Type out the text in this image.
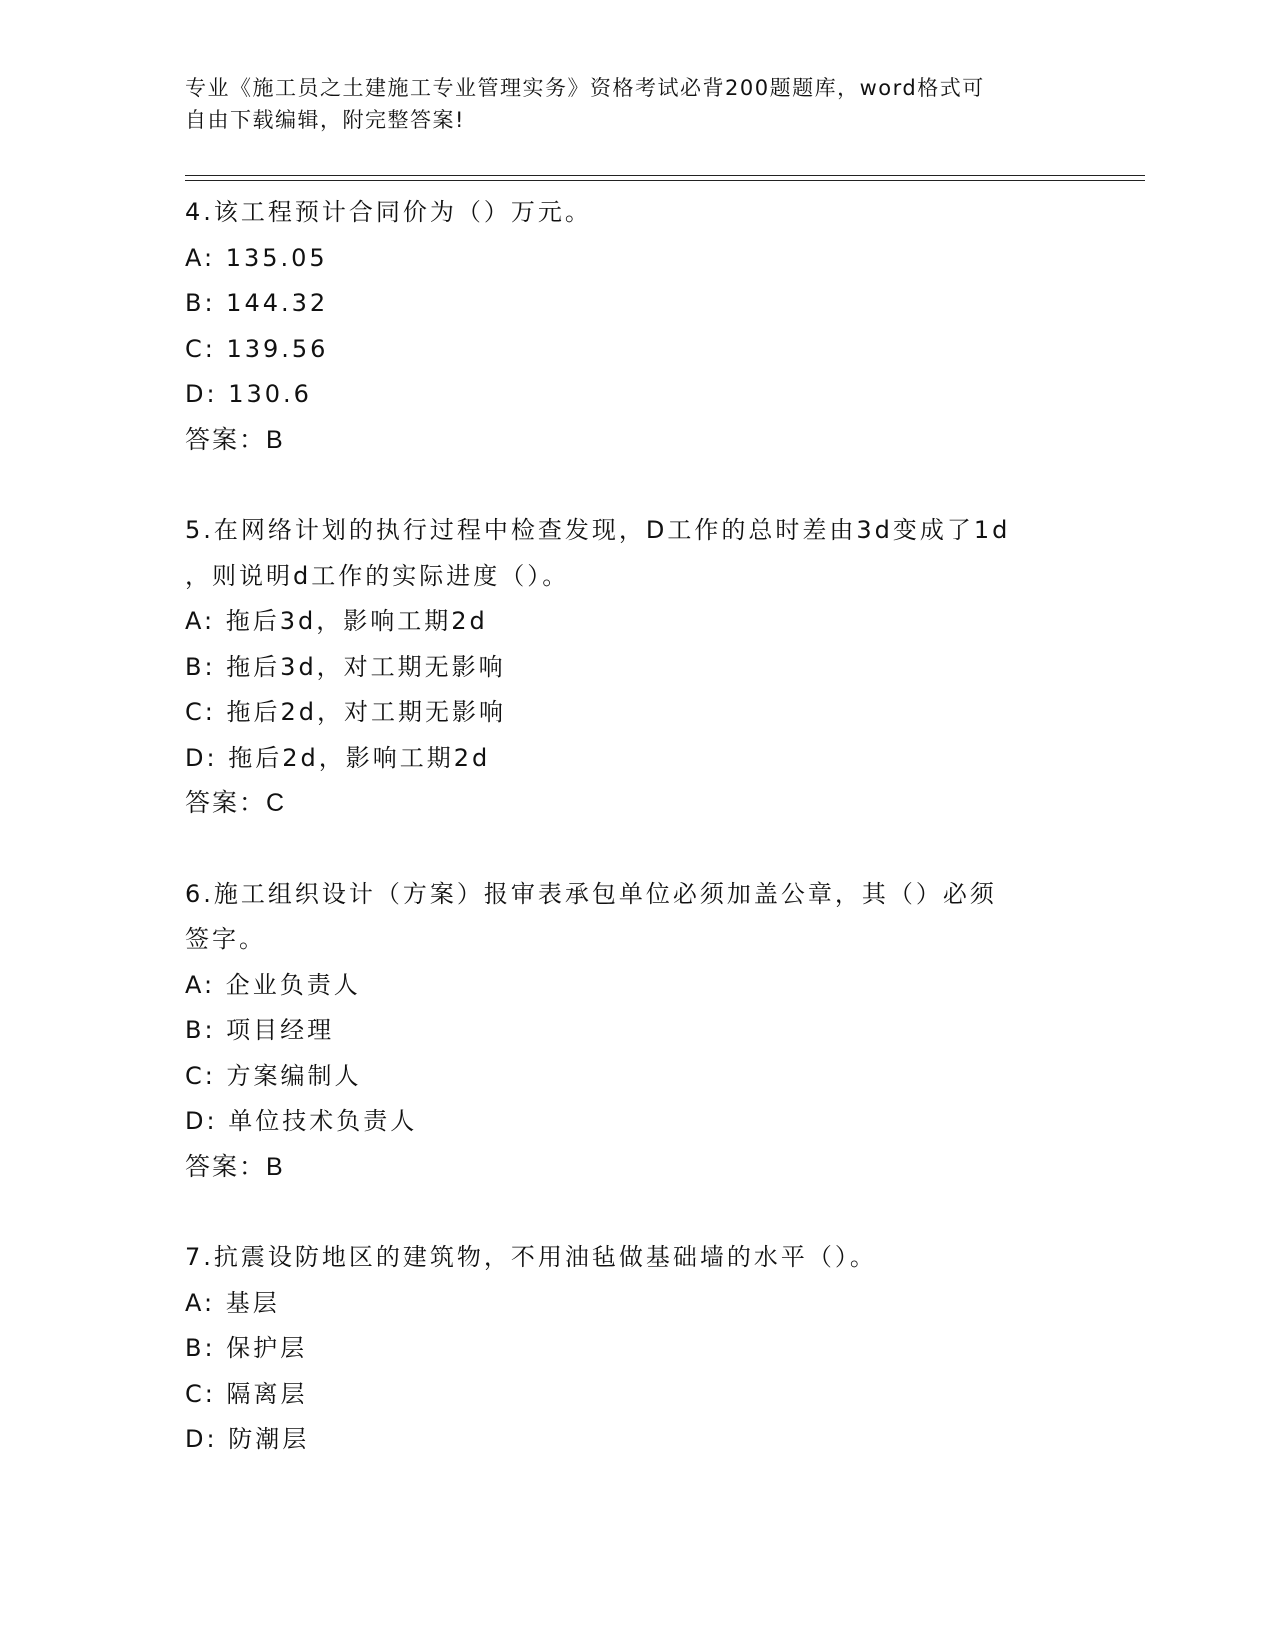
专业《施工员之土建施工专业管理实务》资格考试必背200题题库，word格式可
自由下载编辑，附完整答案!
4.该工程预计合同价为（）万元。
A: 135.05
B: 144.32
C: 139.56
D: 130.6
答案：B
5.在网络计划的执行过程中检查发现，D工作的总时差由3d变成了1d
，则说明d工作的实际进度（）。
A: 拖后3d，影响工期2d
B: 拖后3d，对工期无影响
C: 拖后2d，对工期无影响
D: 拖后2d，影响工期2d
答案：C
6.施工组织设计（方案）报审表承包单位必须加盖公章，其（）必须
签字。
A: 企业负责人
B: 项目经理
C: 方案编制人
D: 单位技术负责人
答案：B
7.抗震设防地区的建筑物，不用油毡做基础墙的水平（）。
A: 基层
B: 保护层
C: 隔离层
D: 防潮层
